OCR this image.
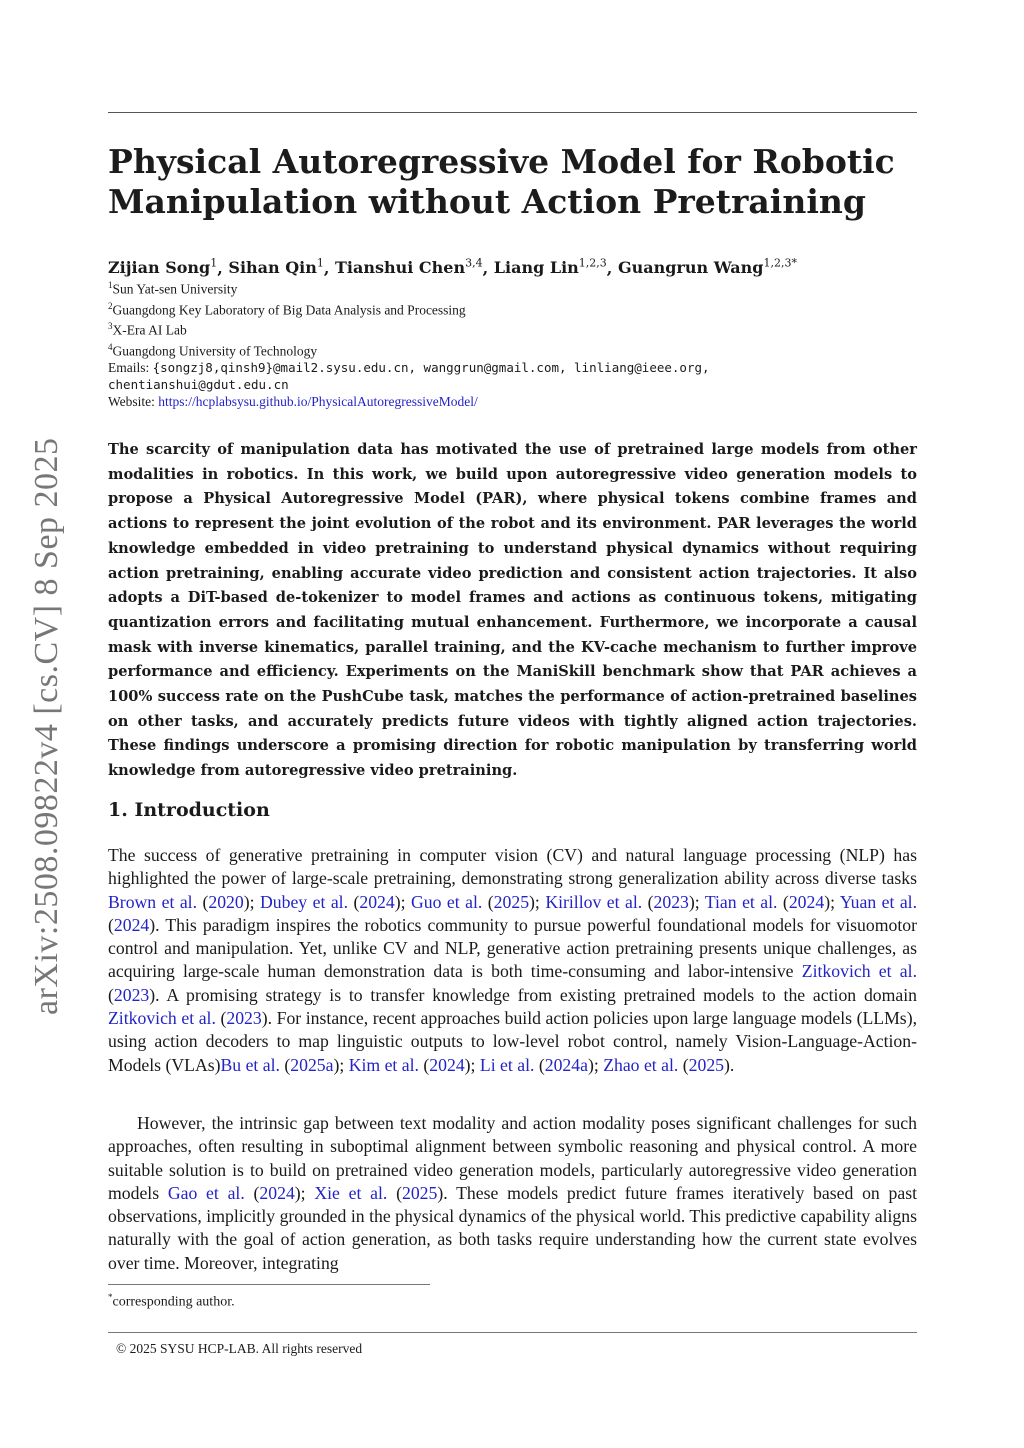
arXiv:2508.09822v4 [cs.CV] 8 Sep 2025
Physical Autoregressive Model for Robotic Manipulation without Action Pretraining
Zijian Song$^1$, Sihan Qin$^1$, Tianshui Chen$^{3,4}$, Liang Lin$^{1,2,3}$, Guangrun Wang$^{1,2,3*}$
$^1$Sun Yat-sen University
$^2$Guangdong Key Laboratory of Big Data Analysis and Processing
$^3$X-Era AI Lab
$^4$Guangdong University of Technology
Emails: {songzj8,qinsh9}@mail2.sysu.edu.cn, wanggrun@gmail.com, linliang@ieee.org,
chentianshui@gdut.edu.cn
Website: https://hcplabsysu.github.io/PhysicalAutoregressiveModel/
The scarcity of manipulation data has motivated the use of pretrained large models from other modalities in robotics. In this work, we build upon autoregressive video generation models to propose a Physical Autoregressive Model (PAR), where physical tokens combine frames and actions to represent the joint evolution of the robot and its environment. PAR leverages the world knowledge embedded in video pretraining to understand physical dynamics without requiring action pretraining, enabling accurate video prediction and consistent action trajectories. It also adopts a DiT-based de-tokenizer to model frames and actions as continuous tokens, mitigating quantization errors and facilitating mutual enhancement. Furthermore, we incorporate a causal mask with inverse kinematics, parallel training, and the KV-cache mechanism to further improve performance and efficiency. Experiments on the ManiSkill benchmark show that PAR achieves a 100% success rate on the PushCube task, matches the performance of action-pretrained baselines on other tasks, and accurately predicts future videos with tightly aligned action trajectories. These findings underscore a promising direction for robotic manipulation by transferring world knowledge from autoregressive video pretraining.
1. Introduction
The success of generative pretraining in computer vision (CV) and natural language processing (NLP) has highlighted the power of large-scale pretraining, demonstrating strong generalization ability across diverse tasks Brown et al. (2020); Dubey et al. (2024); Guo et al. (2025); Kirillov et al. (2023); Tian et al. (2024); Yuan et al. (2024). This paradigm inspires the robotics community to pursue powerful foundational models for visuomotor control and manipulation. Yet, unlike CV and NLP, generative action pretraining presents unique challenges, as acquiring large-scale human demonstration data is both time-consuming and labor-intensive Zitkovich et al. (2023). A promising strategy is to transfer knowledge from existing pretrained models to the action domain Zitkovich et al. (2023). For instance, recent approaches build action policies upon large language models (LLMs), using action decoders to map linguistic outputs to low-level robot control, namely Vision-Language-Action-Models (VLAs)Bu et al. (2025a); Kim et al. (2024); Li et al. (2024a); Zhao et al. (2025).
However, the intrinsic gap between text modality and action modality poses significant challenges for such approaches, often resulting in suboptimal alignment between symbolic reasoning and physical control. A more suitable solution is to build on pretrained video generation models, particularly autoregressive video generation models Gao et al. (2024); Xie et al. (2025). These models predict future frames iteratively based on past observations, implicitly grounded in the physical dynamics of the physical world. This predictive capability aligns naturally with the goal of action generation, as both tasks require understanding how the current state evolves over time. Moreover, integrating
*corresponding author.
© 2025 SYSU HCP-LAB. All rights reserved
